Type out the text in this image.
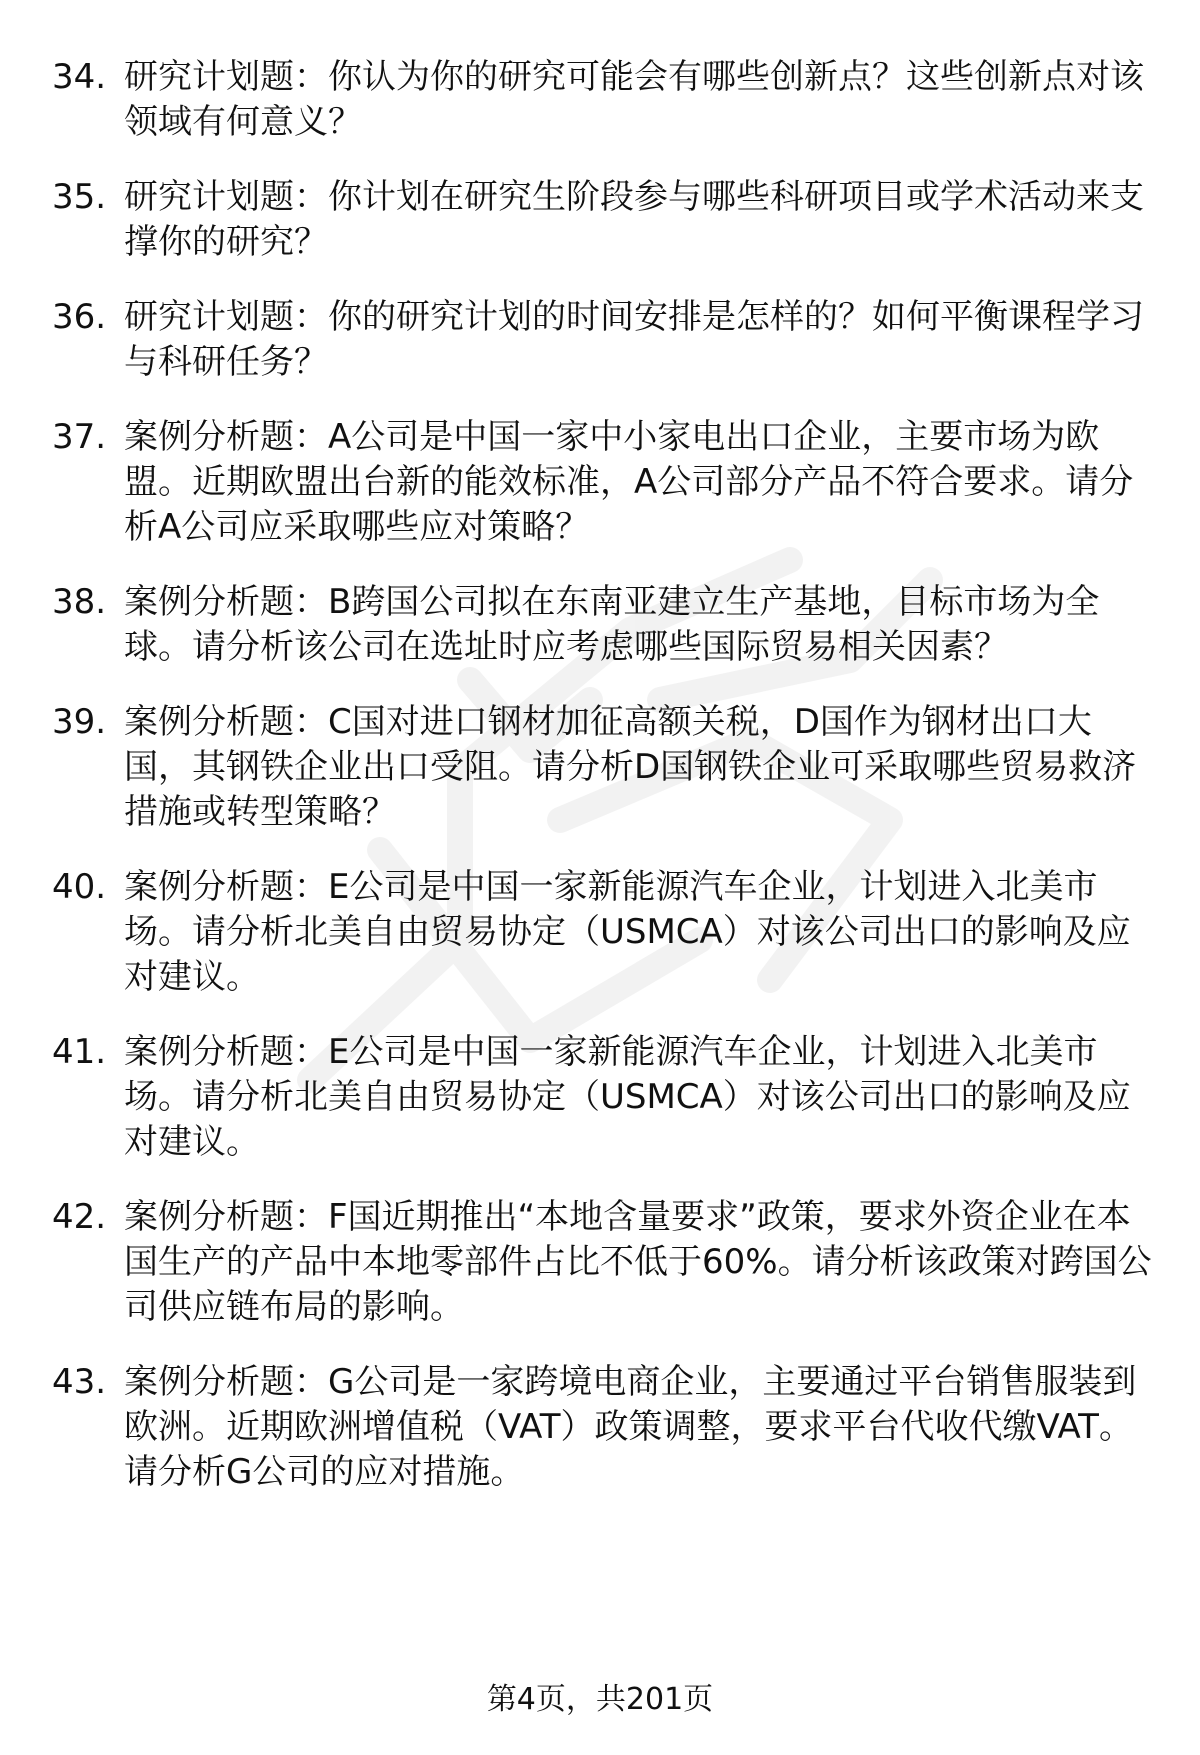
34. 研究计划题：你认为你的研究可能会有哪些创新点？这些创新点对该领域有何意义？
35. 研究计划题：你计划在研究生阶段参与哪些科研项目或学术活动来支撑你的研究？
36. 研究计划题：你的研究计划的时间安排是怎样的？如何平衡课程学习与科研任务？
37. 案例分析题：A公司是中国一家中小家电出口企业，主要市场为欧盟。近期欧盟出台新的能效标准，A公司部分产品不符合要求。请分析A公司应采取哪些应对策略？
38. 案例分析题：B跨国公司拟在东南亚建立生产基地，目标市场为全球。请分析该公司在选址时应考虑哪些国际贸易相关因素？
39. 案例分析题：C国对进口钢材加征高额关税，D国作为钢材出口大国，其钢铁企业出口受阻。请分析D国钢铁企业可采取哪些贸易救济措施或转型策略？
40. 案例分析题：E公司是中国一家新能源汽车企业，计划进入北美市场。请分析北美自由贸易协定（USMCA）对该公司出口的影响及应对建议。
41. 案例分析题：E公司是中国一家新能源汽车企业，计划进入北美市场。请分析北美自由贸易协定（USMCA）对该公司出口的影响及应对建议。
42. 案例分析题：F国近期推出“本地含量要求”政策，要求外资企业在本国生产的产品中本地零部件占比不低于60%。请分析该政策对跨国公司供应链布局的影响。
43. 案例分析题：G公司是一家跨境电商企业，主要通过平台销售服装到欧洲。近期欧洲增值税（VAT）政策调整，要求平台代收代缴VAT。请分析G公司的应对措施。
第4页，共201页
